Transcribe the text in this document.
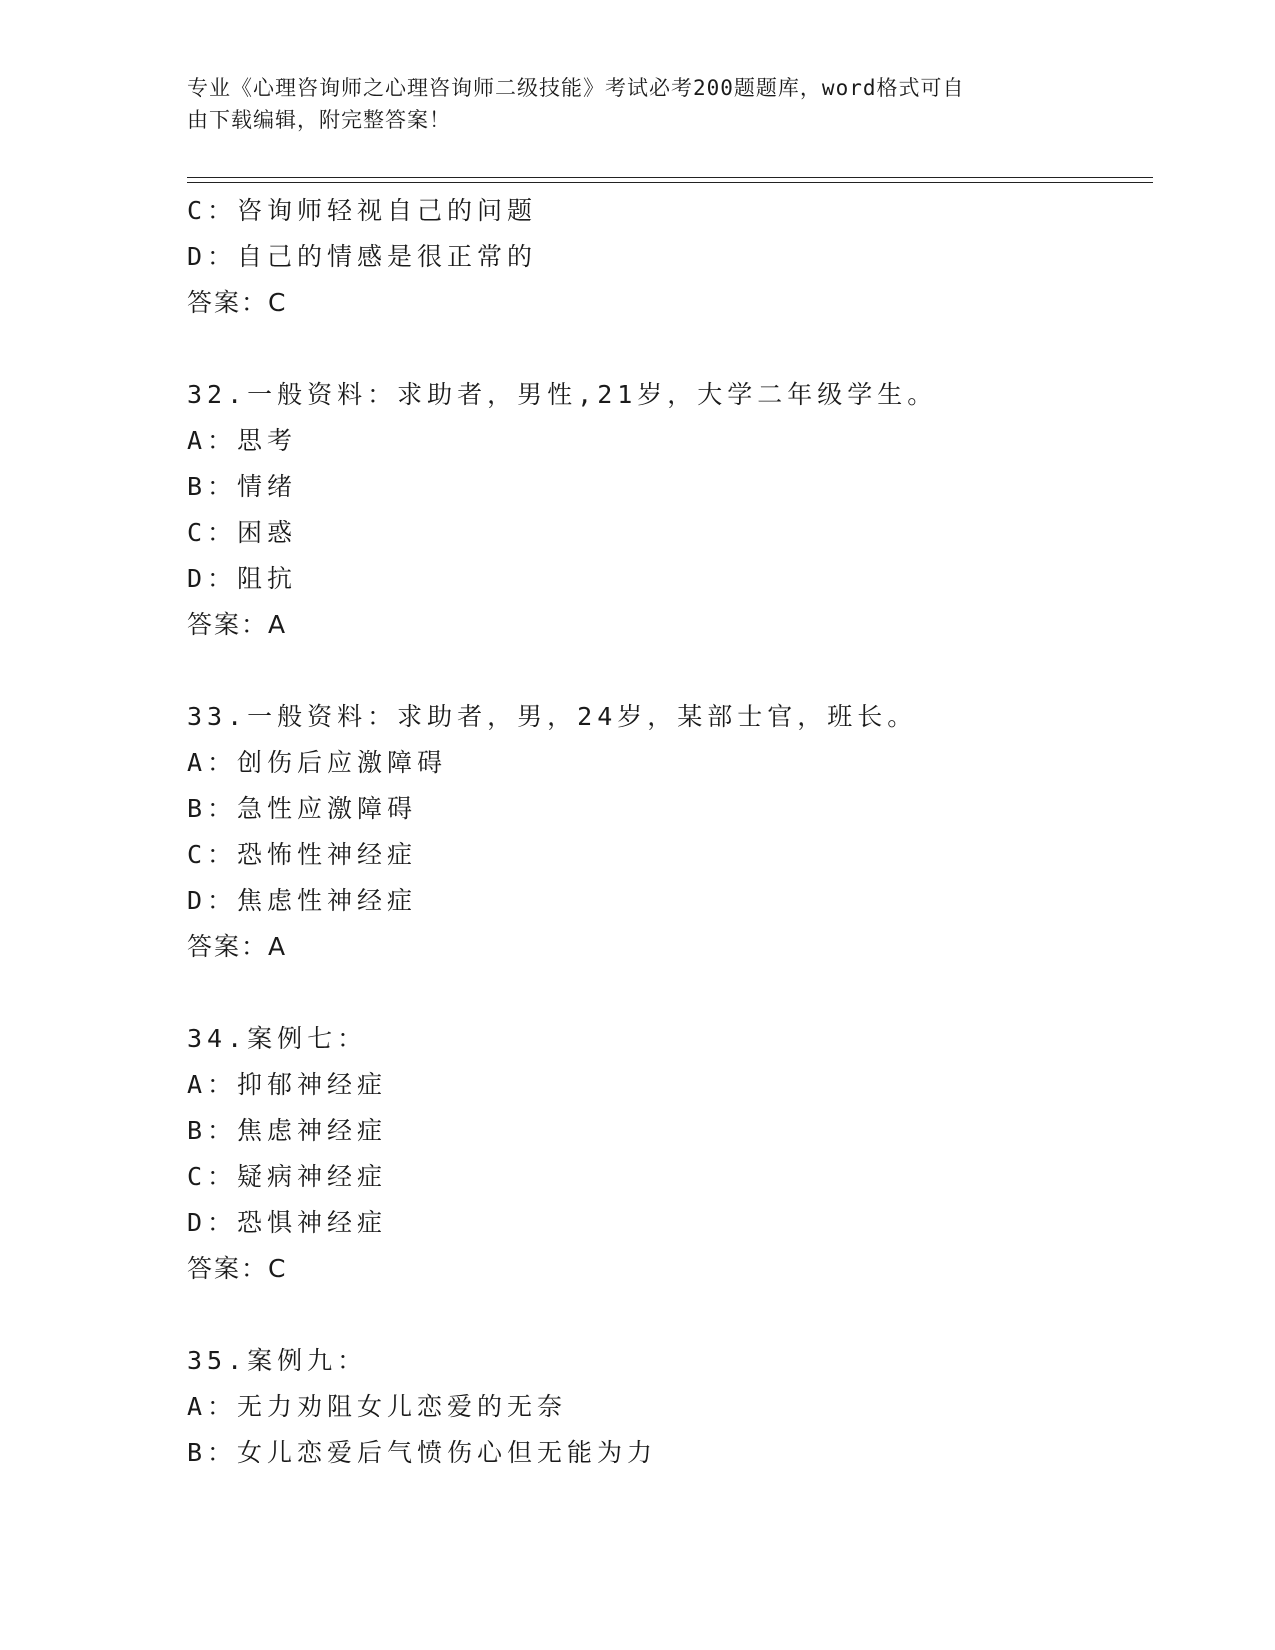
专业《心理咨询师之心理咨询师二级技能》考试必考200题题库，word格式可自
由下载编辑，附完整答案！
C：咨询师轻视自己的问题
D：自己的情感是很正常的
答案：C
32.一般资料：求助者，男性,21岁，大学二年级学生。
A：思考
B：情绪
C：困惑
D：阻抗
答案：A
33.一般资料：求助者，男，24岁，某部士官，班长。
A：创伤后应激障碍
B：急性应激障碍
C：恐怖性神经症
D：焦虑性神经症
答案：A
34.案例七：
A：抑郁神经症
B：焦虑神经症
C：疑病神经症
D：恐惧神经症
答案：C
35.案例九：
A：无力劝阻女儿恋爱的无奈
B：女儿恋爱后气愤伤心但无能为力
